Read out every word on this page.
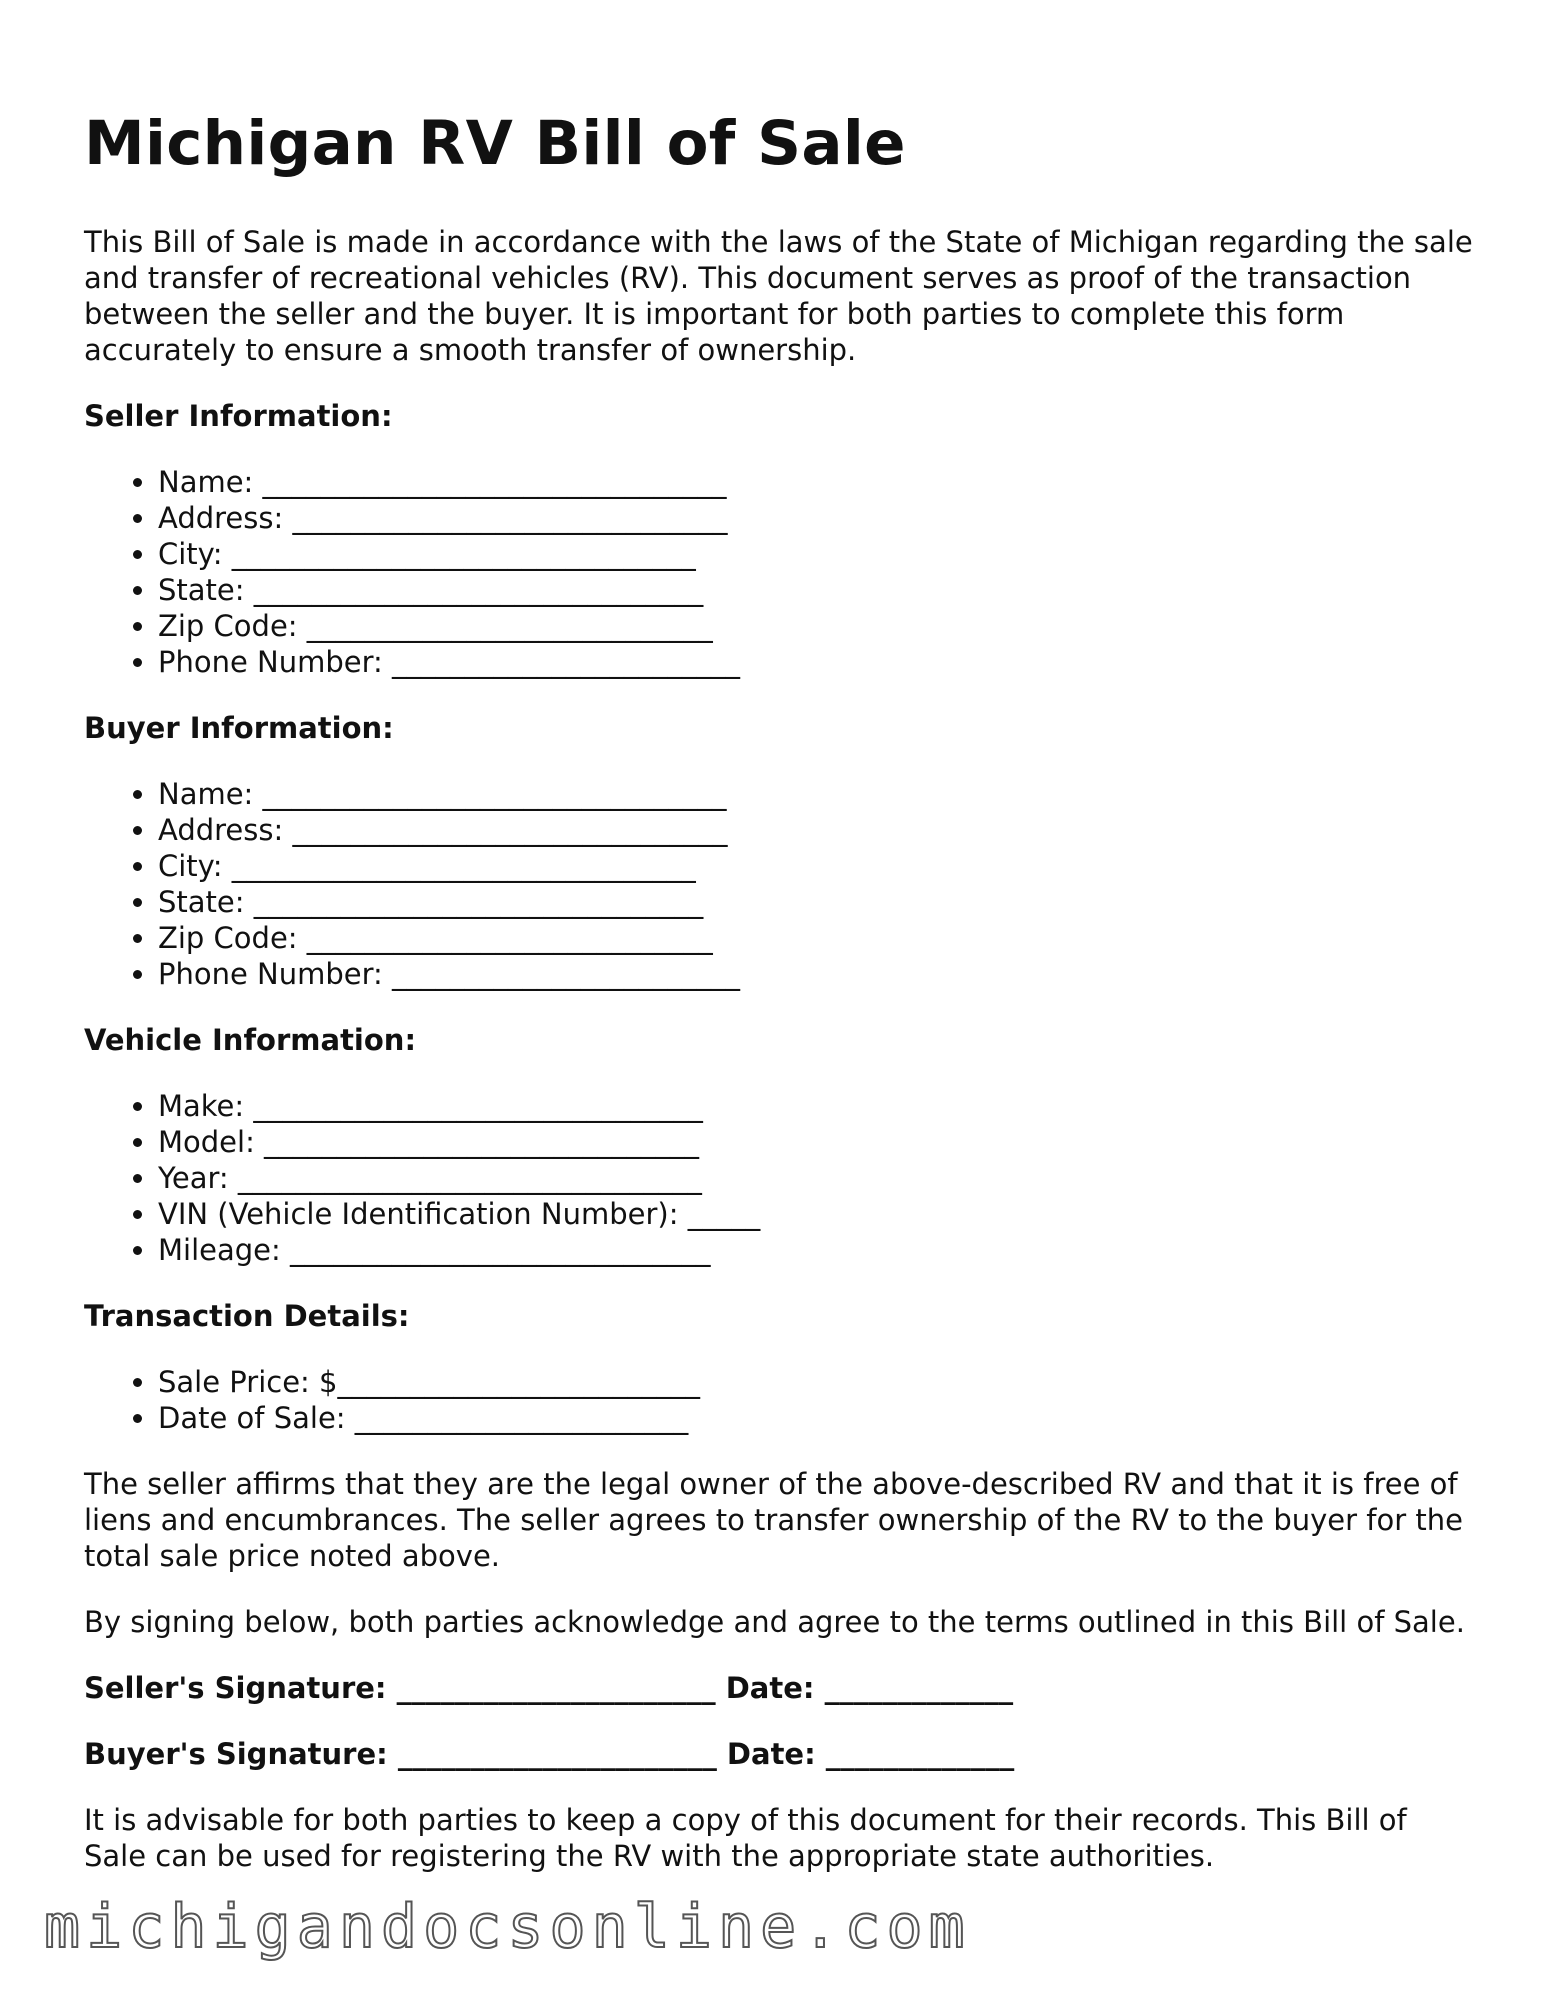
Michigan RV Bill of Sale

This Bill of Sale is made in accordance with the laws of the State of Michigan regarding the sale and transfer of recreational vehicles (RV). This document serves as proof of the transaction between the seller and the buyer. It is important for both parties to complete this form accurately to ensure a smooth transfer of ownership.

Seller Information:
• Name: ________________________________
• Address: ______________________________
• City: ________________________________
• State: _______________________________
• Zip Code: ____________________________
• Phone Number: ________________________
Buyer Information:
• Name: ________________________________
• Address: ______________________________
• City: ________________________________
• State: _______________________________
• Zip Code: ____________________________
• Phone Number: ________________________
Vehicle Information:
• Make: _______________________________
• Model: ______________________________
• Year: ________________________________
• VIN (Vehicle Identification Number): _____
• Mileage: _____________________________
Transaction Details:
• Sale Price: $_________________________
• Date of Sale: _______________________

The seller affirms that they are the legal owner of the above-described RV and that it is free of liens and encumbrances. The seller agrees to transfer ownership of the RV to the buyer for the total sale price noted above.

By signing below, both parties acknowledge and agree to the terms outlined in this Bill of Sale.

Seller's Signature: ______________________ Date: _____________

Buyer's Signature: ______________________ Date: _____________

It is advisable for both parties to keep a copy of this document for their records. This Bill of Sale can be used for registering the RV with the appropriate state authorities.

michigandocsonline.com
